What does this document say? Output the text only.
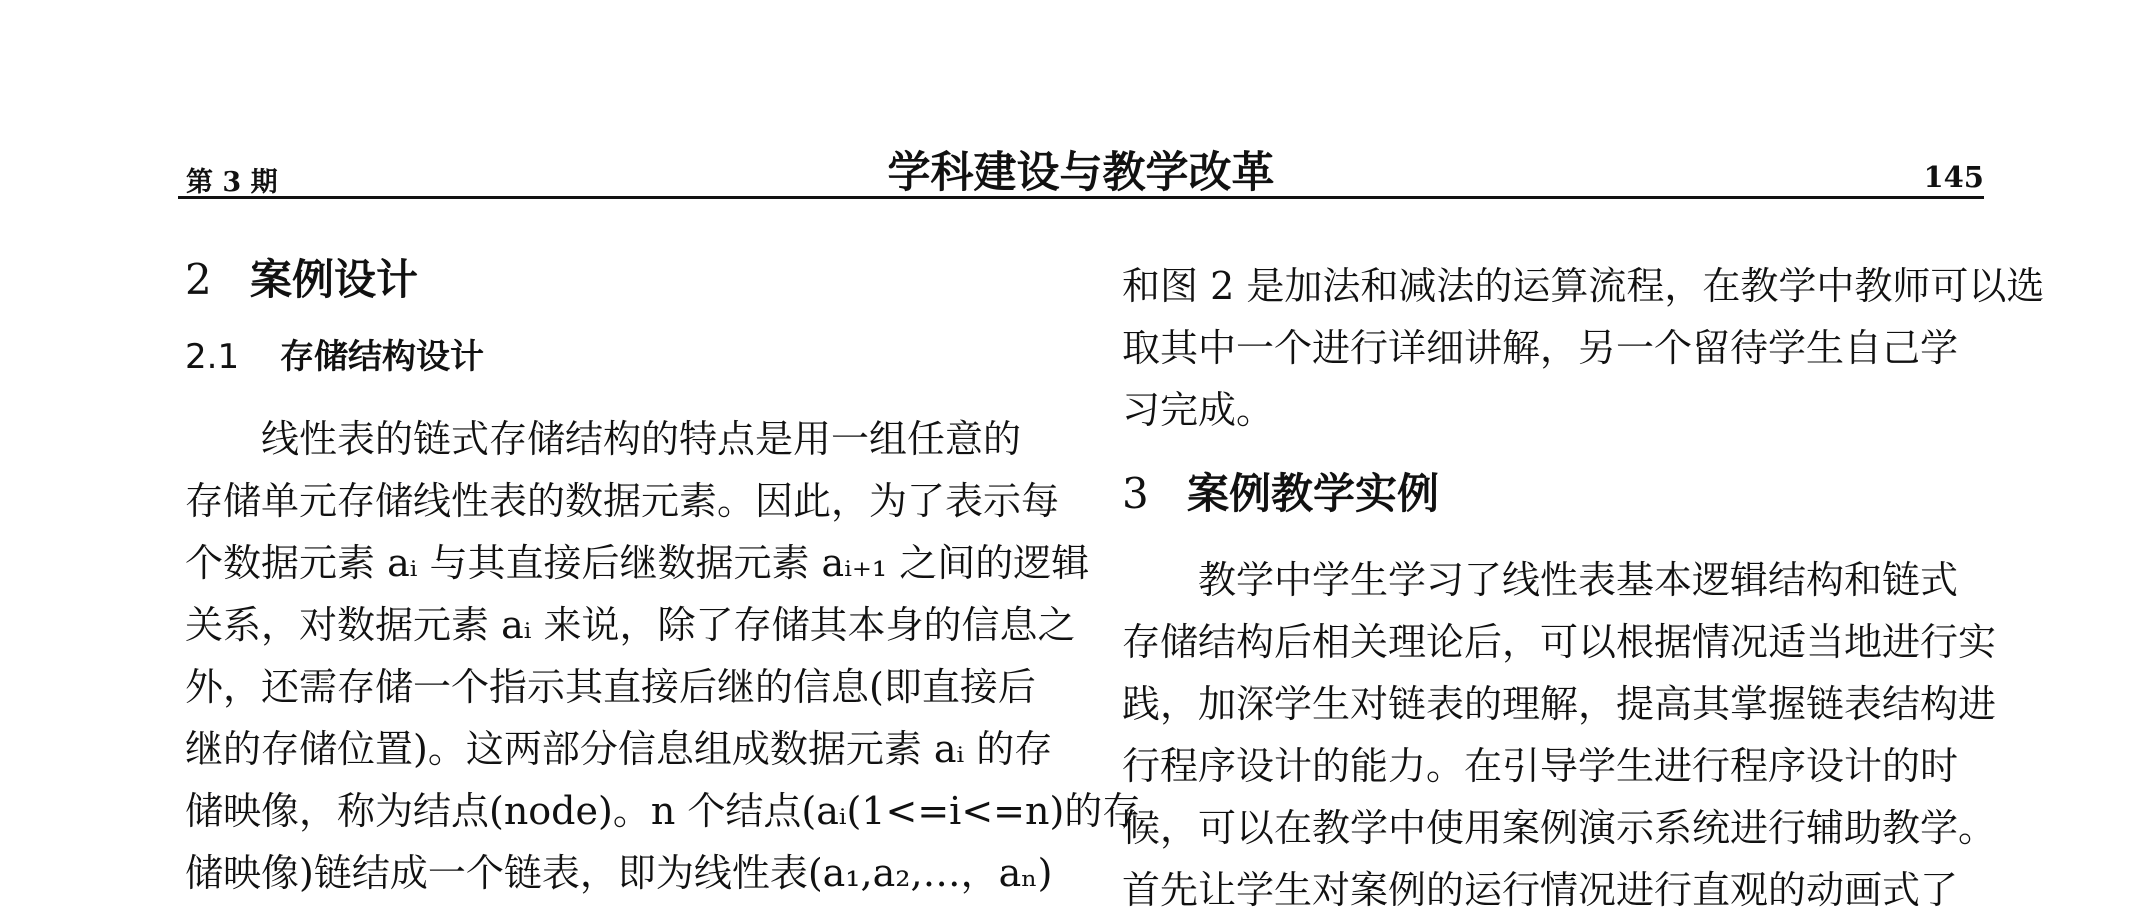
第 3 期	学科建设与教学改革	145
2 案例设计
2.1 存储结构设计

线性表的链式存储结构的特点是用一组任意的
存储单元存储线性表的数据元素。因此，为了表示每
个数据元素 aᵢ 与其直接后继数据元素 aᵢ₊₁ 之间的逻辑
关系，对数据元素 aᵢ 来说，除了存储其本身的信息之
外，还需存储一个指示其直接后继的信息(即直接后
继的存储位置)。这两部分信息组成数据元素 aᵢ 的存
储映像，称为结点(node)。n 个结点(aᵢ(1<=i<=n)的存
储映像)链结成一个链表，即为线性表(a₁,a₂,…，aₙ)

和图 2 是加法和减法的运算流程，在教学中教师可以选
取其中一个进行详细讲解，另一个留待学生自己学
习完成。

3 案例教学实例

教学中学生学习了线性表基本逻辑结构和链式
存储结构后相关理论后，可以根据情况适当地进行实
践，加深学生对链表的理解，提高其掌握链表结构进
行程序设计的能力。在引导学生进行程序设计的时
候，可以在教学中使用案例演示系统进行辅助教学。
首先让学生对案例的运行情况进行直观的动画式了
